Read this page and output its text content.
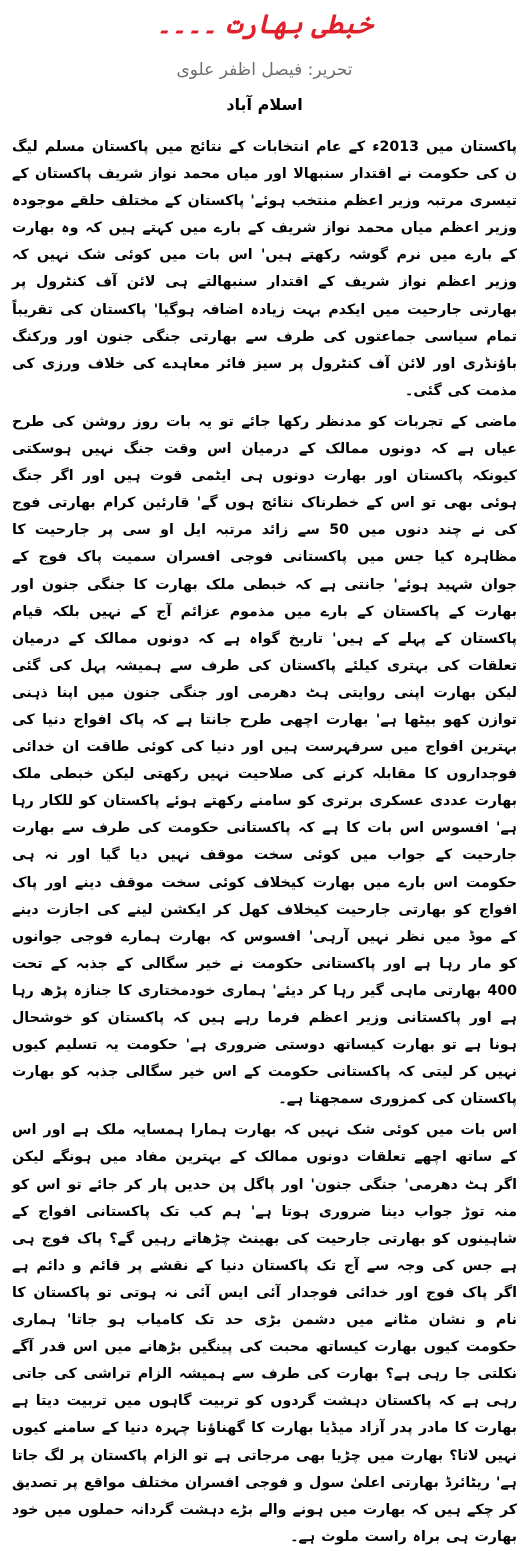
خبطی بھارت ۔۔۔۔
تحریر: فیصل اظفر علوی
اسلام آباد

پاکستان میں 2013ء کے عام انتخابات کے نتائج میں پاکستان مسلم لیگ ن کی حکومت نے اقتدار سنبھالا اور میاں محمد نواز شریف پاکستان کے تیسری مرتبہ وزیر اعظم منتخب ہوئے' پاکستان کے مختلف حلقے موجودہ وزیر اعظم میاں محمد نواز شریف کے بارے میں کہتے ہیں کہ وہ بھارت کے بارے میں نرم گوشہ رکھتے ہیں' اس بات میں کوئی شک نہیں کہ وزیر اعظم نواز شریف کے اقتدار سنبھالتے ہی لائن آف کنٹرول پر بھارتی جارحیت میں ایکدم بہت زیادہ اضافہ ہوگیا' پاکستان کی تقریباً تمام سیاسی جماعتوں کی طرف سے بھارتی جنگی جنون اور ورکنگ باؤنڈری اور لائن آف کنٹرول پر سیز فائر معاہدے کی خلاف ورزی کی مذمت کی گئی۔

ماضی کے تجربات کو مدنظر رکھا جائے تو یہ بات روز روشن کی طرح عیاں ہے کہ دونوں ممالک کے درمیان اس وقت جنگ نہیں ہوسکتی کیونکہ پاکستان اور بھارت دونوں ہی ایٹمی قوت ہیں اور اگر جنگ ہوئی بھی تو اس کے خطرناک نتائج ہوں گے' قارئین کرام بھارتی فوج کی نے چند دنوں میں 50 سے زائد مرتبہ ایل او سی پر جارحیت کا مظاہرہ کیا جس میں پاکستانی فوجی افسران سمیت پاک فوج کے جوان شہید ہوئے' جانتی ہے کہ خبطی ملک بھارت کا جنگی جنون اور بھارت کے پاکستان کے بارے میں مذموم عزائم آج کے نہیں بلکہ قیام پاکستان کے پہلے کے ہیں' تاریخ گواہ ہے کہ دونوں ممالک کے درمیان تعلقات کی بہتری کیلئے پاکستان کی طرف سے ہمیشہ پہل کی گئی لیکن بھارت اپنی روایتی ہٹ دھرمی اور جنگی جنون میں اپنا ذہنی توازن کھو بیٹھا ہے' بھارت اچھی طرح جانتا ہے کہ پاک افواج دنیا کی بہترین افواج میں سرفہرست ہیں اور دنیا کی کوئی طاقت ان خدائی فوجداروں کا مقابلہ کرنے کی صلاحیت نہیں رکھتی لیکن خبطی ملک بھارت عددی عسکری برتری کو سامنے رکھتے ہوئے پاکستان کو للکار رہا ہے' افسوس اس بات کا ہے کہ پاکستانی حکومت کی طرف سے بھارت جارحیت کے جواب میں کوئی سخت موقف نہیں دیا گیا اور نہ ہی حکومت اس بارے میں بھارت کیخلاف کوئی سخت موقف دینے اور پاک افواج کو بھارتی جارحیت کیخلاف کھل کر ایکشن لینے کی اجازت دینے کے موڈ میں نظر نہیں آرہی' افسوس کہ بھارت ہمارے فوجی جوانوں کو مار رہا ہے اور پاکستانی حکومت نے خیر سگالی کے جذبہ کے تحت 400 بھارتی ماہی گیر رہا کر دیئے' ہماری خودمختاری کا جنازہ پڑھ رہا ہے اور پاکستانی وزیر اعظم فرما رہے ہیں کہ پاکستان کو خوشحال ہونا ہے تو بھارت کیساتھ دوستی ضروری ہے' حکومت یہ تسلیم کیوں نہیں کر لیتی کہ پاکستانی حکومت کے اس خیر سگالی جذبہ کو بھارت پاکستان کی کمزوری سمجھتا ہے۔

اس بات میں کوئی شک نہیں کہ بھارت ہمارا ہمسایہ ملک ہے اور اس کے ساتھ اچھے تعلقات دونوں ممالک کے بہترین مفاد میں ہونگے لیکن اگر ہٹ دھرمی' جنگی جنون' اور پاگل پن حدیں پار کر جائے تو اس کو منہ توڑ جواب دینا ضروری ہوتا ہے' ہم کب تک پاکستانی افواج کے شاہینوں کو بھارتی جارحیت کی بھینٹ چڑھاتے رہیں گے؟ پاک فوج ہی ہے جس کی وجہ سے آج تک پاکستان دنیا کے نقشے پر قائم و دائم ہے اگر پاک فوج اور خدائی فوجدار آئی ایس آئی نہ ہوتی تو پاکستان کا نام و نشان مٹانے میں دشمن بڑی حد تک کامیاب ہو جاتا' ہماری حکومت کیوں بھارت کیساتھ محبت کی پینگیں بڑھانے میں اس قدر آگے نکلتی جا رہی ہے؟ بھارت کی طرف سے ہمیشہ الزام تراشی کی جاتی رہی ہے کہ پاکستان دہشت گردوں کو تربیت گاہوں میں تربیت دیتا ہے بھارت کا مادر پدر آزاد میڈیا بھارت کا گھناؤنا چہرہ دنیا کے سامنے کیوں نہیں لاتا؟ بھارت میں چڑیا بھی مرجاتی ہے تو الزام پاکستان پر لگ جاتا ہے' ریٹائرڈ بھارتی اعلیٰ سول و فوجی افسران مختلف مواقع پر تصدیق کر چکے ہیں کہ بھارت میں ہونے والے بڑے دہشت گردانہ حملوں میں خود بھارت ہی براہ راست ملوث ہے۔
